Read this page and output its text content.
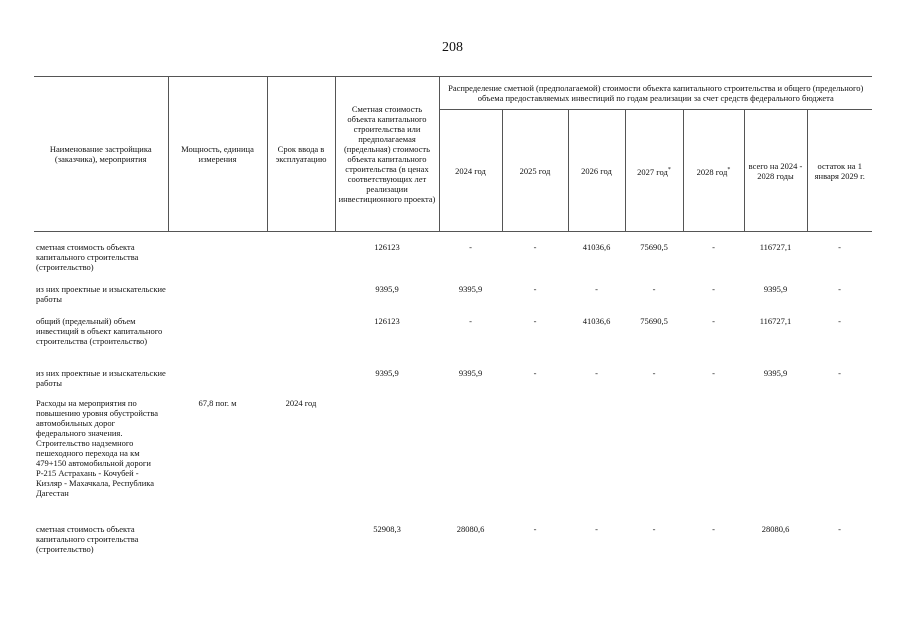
208
Наименование застройщика (заказчика), мероприятия	Мощность, единица измерения	Срок ввода в эксплуатацию	Сметная стоимость объекта капитального строительства или предполагаемая (предельная) стоимость объекта капитального строительства (в ценах соответствующих лет реализации инвестиционного проекта)	Распределение сметной (предполагаемой) стоимости объекта капитального строительства и общего (предельного) объема предоставляемых инвестиций по годам реализации за счет средств федерального бюджета						
				2024 год	2025 год	2026 год	2027 год*	2028 год*	всего на 2024 - 2028 годы	остаток на 1 января 2029 г.

сметная стоимость объекта капитального строительства (строительство)			126123	-	-	41036,6	75690,5	-	116727,1	-
из них проектные и изыскательские работы			9395,9	9395,9	-	-	-	-	9395,9	-
общий (предельный) объем инвестиций в объект капитального строительства (строительство)			126123	-	-	41036,6	75690,5	-	116727,1	-
из них проектные и изыскательские работы			9395,9	9395,9	-	-	-	-	9395,9	-
Расходы на мероприятия по повышению уровня обустройства автомобильных дорог федерального значения. Строительство надземного пешеходного перехода на км 479+150 автомобильной дороги Р-215 Астрахань - Кочубей - Кизляр - Махачкала, Республика Дагестан	67,8 пог. м	2024 год								
сметная стоимость объекта капитального строительства (строительство)			52908,3	28080,6	-	-	-	-	28080,6	-
